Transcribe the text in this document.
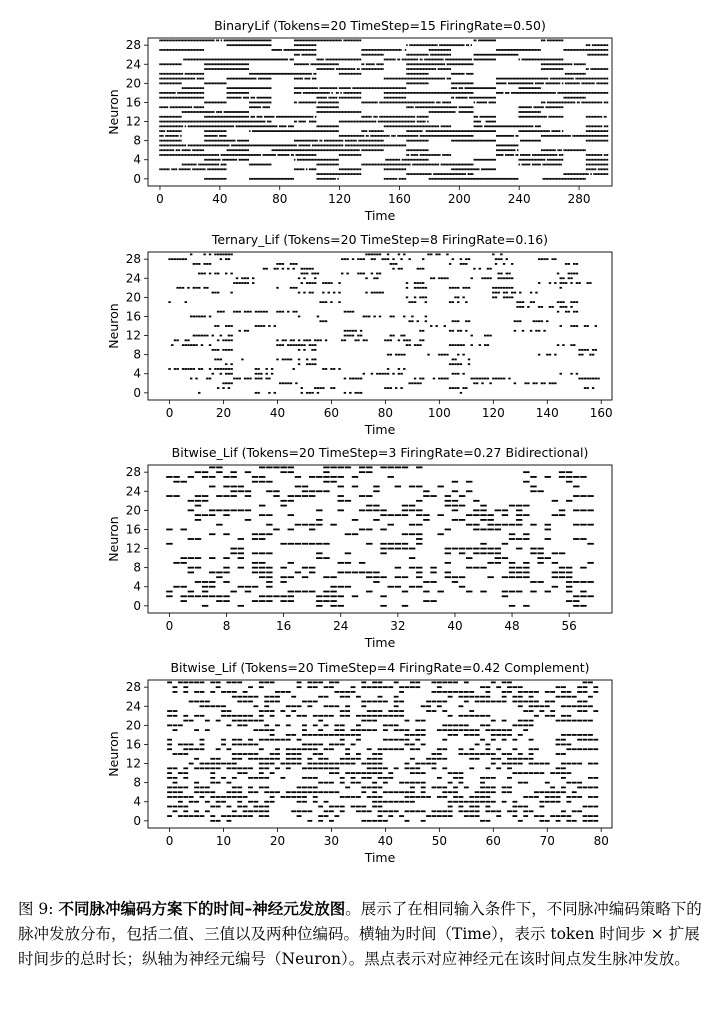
BinaryLif (Tokens=20 TimeStep=15 FiringRate=0.50)
0	40	80	120	160	200	240	280
0
4
8
12
16
20
24
28
Time
Neuron
Ternary_Lif (Tokens=20 TimeStep=8 FiringRate=0.16)
0	20	40	60	80	100	120	140	160
0
4
8
12
16
20
24
28
Time
Neuron
Bitwise_Lif (Tokens=20 TimeStep=3 FiringRate=0.27 Bidirectional)
0	8	16	24	32	40	48	56
0
4
8
12
16
20
24
28
Time
Neuron
Bitwise_Lif (Tokens=20 TimeStep=4 FiringRate=0.42 Complement)
0	10	20	30	40	50	60	70	80
0
4
8
12
16
20
24
28
Time
Neuron
图 9: 不同脉冲编码方案下的时间–神经元发放图。展示了在相同输入条件下，不同脉冲编码策略下的脉冲发放分布，包括二值、三值以及两种位编码。横轴为时间（Time），表示 token 时间步 × 扩展时间步的总时长；纵轴为神经元编号（Neuron）。黑点表示对应神经元在该时间点发生脉冲发放。
